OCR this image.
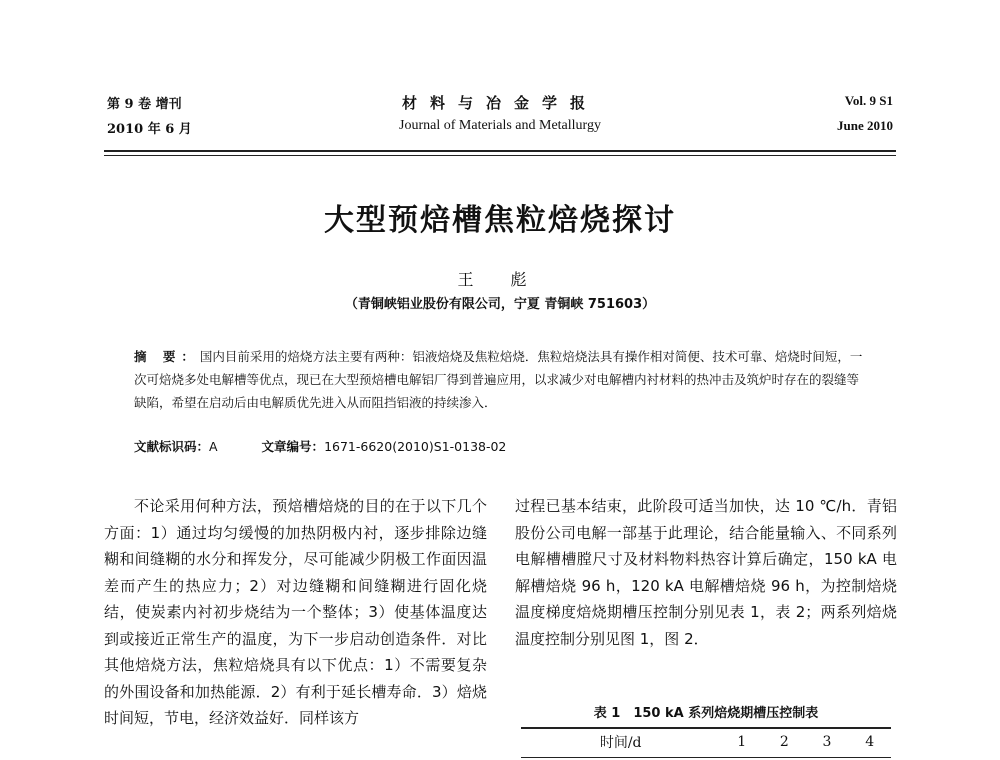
第 9 卷 增刊
2010 年 6 月
材料与冶金学报
Journal of Materials and Metallurgy
Vol. 9 S1
June 2010
大型预焙槽焦粒焙烧探讨
王 彪
（青铜峡铝业股份有限公司，宁夏 青铜峡 751603）
摘 要：国内目前采用的焙烧方法主要有两种：铝液焙烧及焦粒焙烧．焦粒焙烧法具有操作相对简便、技术可靠、焙烧时间短，一次可焙烧多处电解槽等优点，现已在大型预焙槽电解铝厂得到普遍应用，以求减少对电解槽内衬材料的热冲击及筑炉时存在的裂缝等缺陷，希望在启动后由电解质优先进入从而阻挡铝液的持续渗入．
文献标识码：A	文章编号：1671-6620(2010)S1-0138-02
不论采用何种方法，预焙槽焙烧的目的在于以下几个方面：1）通过均匀缓慢的加热阴极内衬，逐步排除边缝糊和间缝糊的水分和挥发分，尽可能减少阴极工作面因温差而产生的热应力；2）对边缝糊和间缝糊进行固化烧结，使炭素内衬初步烧结为一个整体；3）使基体温度达到或接近正常生产的温度，为下一步启动创造条件．对比其他焙烧方法，焦粒焙烧具有以下优点：1）不需要复杂的外围设备和加热能源．2）有利于延长槽寿命．3）焙烧时间短，节电，经济效益好．同样该方
过程已基本结束，此阶段可适当加快，达 10 ℃/h．青铝股份公司电解一部基于此理论，结合能量输入、不同系列电解槽槽膛尺寸及材料物料热容计算后确定，150 kA 电解槽焙烧 96 h，120 kA 电解槽焙烧 96 h，为控制焙烧温度梯度焙烧期槽压控制分别见表 1，表 2；两系列焙烧温度控制分别见图 1，图 2．
表 1　150 kA 系列焙烧期槽压控制表
时间/d	1	2	3	4
